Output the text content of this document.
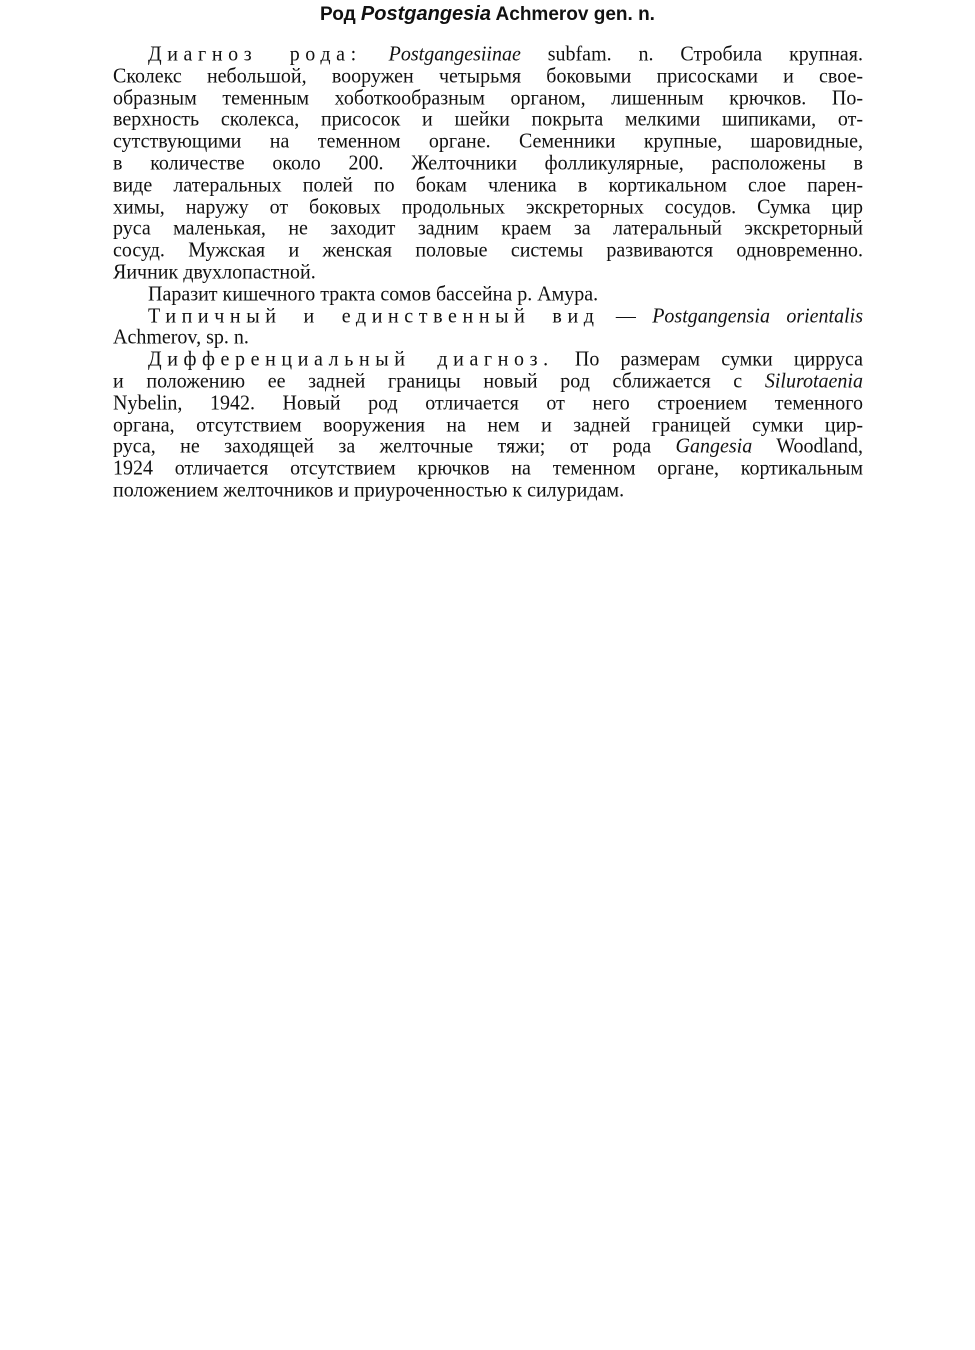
Род Postgangesia Achmerov gen. n.
Диагноз рода: Postgangesiinae subfam. n. Стробила крупная.
Сколекс небольшой, вооружен четырьмя боковыми присосками и свое-
образным теменным хоботкообразным органом, лишенным крючков. По-
верхность сколекса, присосок и шейки покрыта мелкими шипиками, от-
сутствующими на теменном органе. Семенники крупные, шаровидные,
в количестве около 200. Желточники фолликулярные, расположены в
виде латеральных полей по бокам членика в кортикальном слое парен-
химы, наружу от боковых продольных экскреторных сосудов. Сумка цир
руса маленькая, не заходит задним краем за латеральный экскреторный
сосуд. Мужская и женская половые системы развиваются одновременно.
Яичник двухлопастной.
Паразит кишечного тракта сомов бассейна р. Амура.
Типичный и единственный вид — Postgangensia orientalis
Achmerov, sp. n.
Дифференциальный диагноз. По размерам сумки цирруса
и положению ее задней границы новый род сближается с Silurotaenia
Nybelin, 1942. Новый род отличается от него строением теменного
органа, отсутствием вооружения на нем и задней границей сумки цир-
руса, не заходящей за желточные тяжи; от рода Gangesia Woodland,
1924 отличается отсутствием крючков на теменном органе, кортикальным
положением желточников и приуроченностью к силуридам.
